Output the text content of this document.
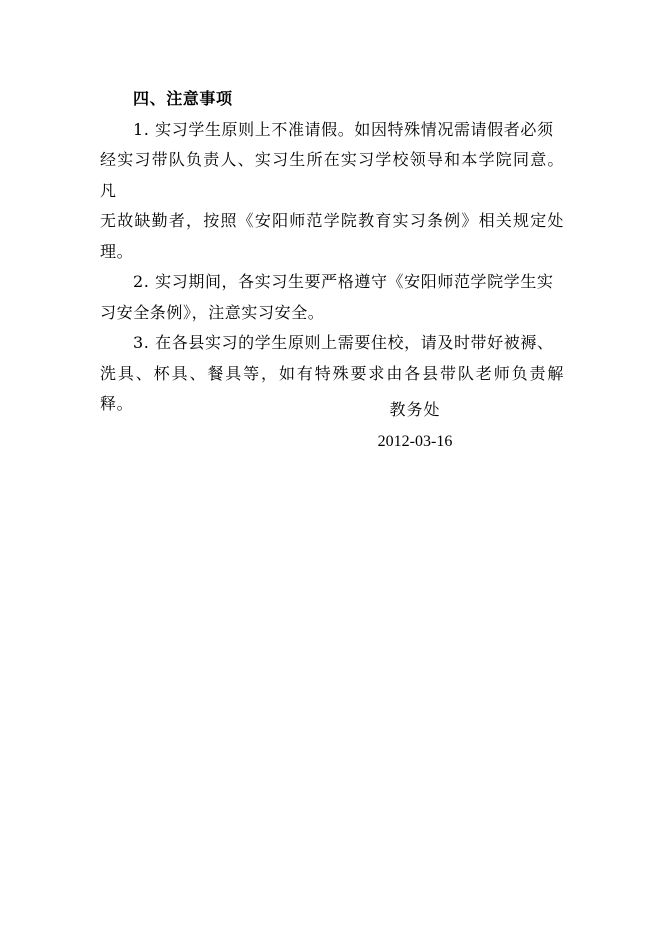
四、注意事项

1. 实习学生原则上不准请假。如因特殊情况需请假者必须

经实习带队负责人、实习生所在实习学校领导和本学院同意。凡

无故缺勤者，按照《安阳师范学院教育实习条例》相关规定处理。

2. 实习期间，各实习生要严格遵守《安阳师范学院学生实

习安全条例》，注意实习安全。

3. 在各县实习的学生原则上需要住校，请及时带好被褥、

洗具、杯具、餐具等，如有特殊要求由各县带队老师负责解释。	教务处
2012-03-16
